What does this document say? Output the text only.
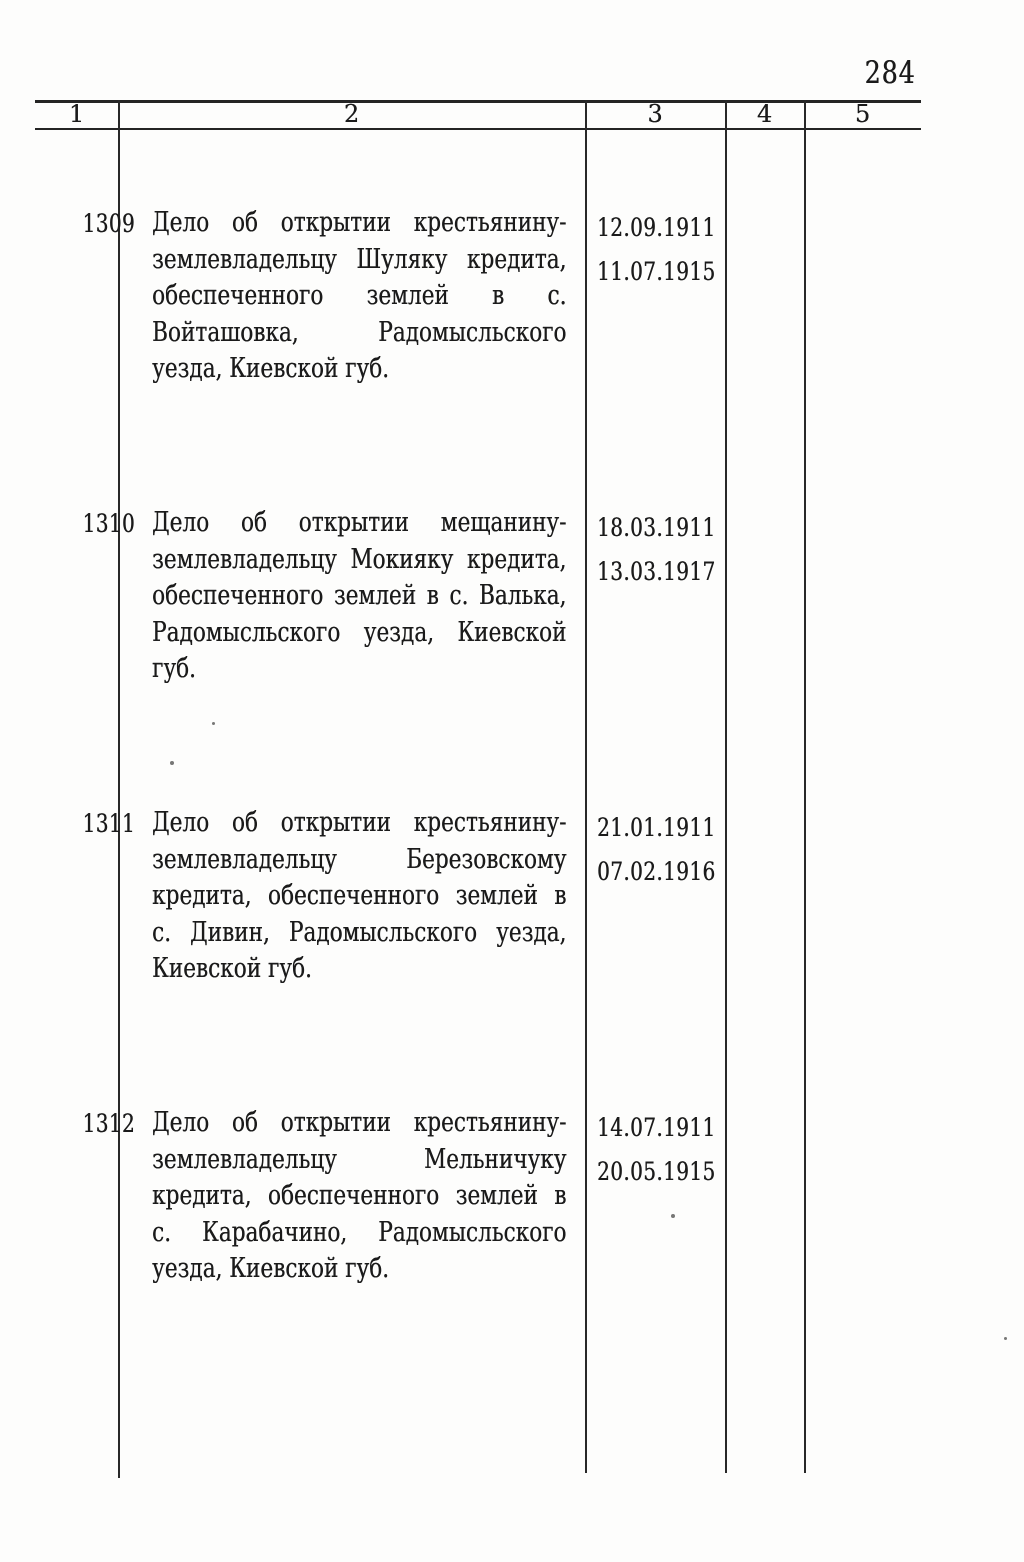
284
1	2	3	4	5
1309 Дело об открытии крестьянину-
землевладельцу Шуляку кредита,
обеспеченного землей в с.
Войташовка, Радомысльского
уезда, Киевской губ.
12.09.1911
11.07.1915
1310 Дело об открытии мещанину-
землевладельцу Мокияку кредита,
обеспеченного землей в с. Валька,
Радомысльского уезда, Киевской
губ.
18.03.1911
13.03.1917
1311 Дело об открытии крестьянину-
землевладельцу Березовскому
кредита, обеспеченного землей в
с. Дивин, Радомысльского уезда,
Киевской губ.
21.01.1911
07.02.1916
1312 Дело об открытии крестьянину-
землевладельцу Мельничуку
кредита, обеспеченного землей в
с. Карабачино, Радомысльского
уезда, Киевской губ.
14.07.1911
20.05.1915
